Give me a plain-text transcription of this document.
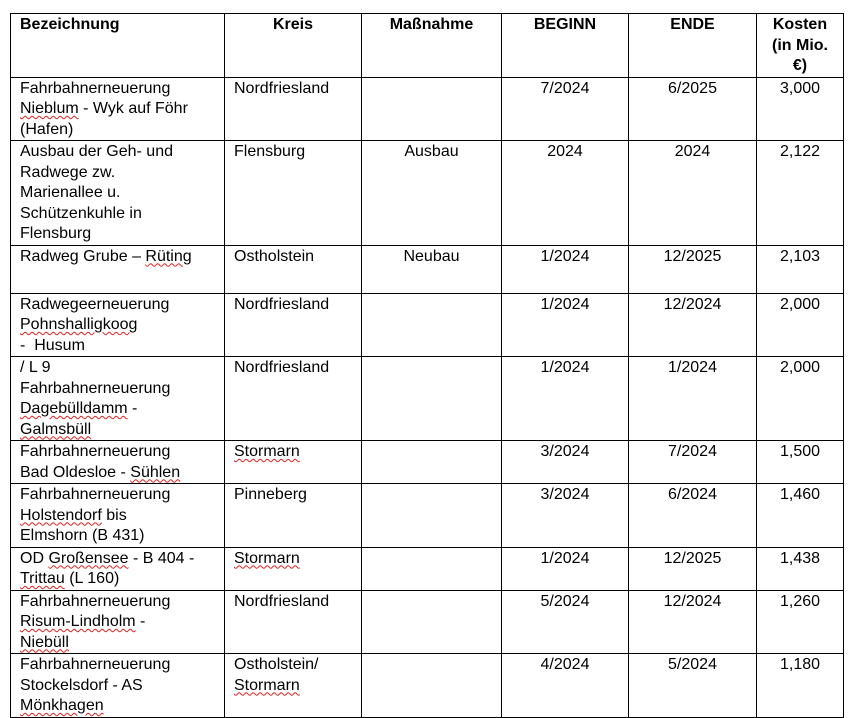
Bezeichnung	Kreis	Maßnahme	BEGINN	ENDE	Kosten
(in Mio. €)
Fahrbahnerneuerung
Nieblum - Wyk auf Föhr
(Hafen)	Nordfriesland		7/2024	6/2025	3,000
Ausbau der Geh- und
Radwege zw.
Marienallee u.
Schützenkuhle in
Flensburg	Flensburg	Ausbau	2024	2024	2,122
Radweg Grube – Rüting	Ostholstein	Neubau	1/2024	12/2025	2,103
Radwegeerneuerung
Pohnshalligkoog
-  Husum	Nordfriesland		1/2024	12/2024	2,000
/ L 9
Fahrbahnerneuerung
Dagebülldamm -
Galmsbüll	Nordfriesland		1/2024	1/2024	2,000
Fahrbahnerneuerung
Bad Oldesloe - Sühlen	Stormarn		3/2024	7/2024	1,500
Fahrbahnerneuerung
Holstendorf bis
Elmshorn (B 431)	Pinneberg		3/2024	6/2024	1,460
OD Großensee - B 404 -
Trittau (L 160)	Stormarn		1/2024	12/2025	1,438
Fahrbahnerneuerung
Risum-Lindholm -
Niebüll	Nordfriesland		5/2024	12/2024	1,260
Fahrbahnerneuerung
Stockelsdorf - AS
Mönkhagen	Ostholstein/
Stormarn		4/2024	5/2024	1,180
